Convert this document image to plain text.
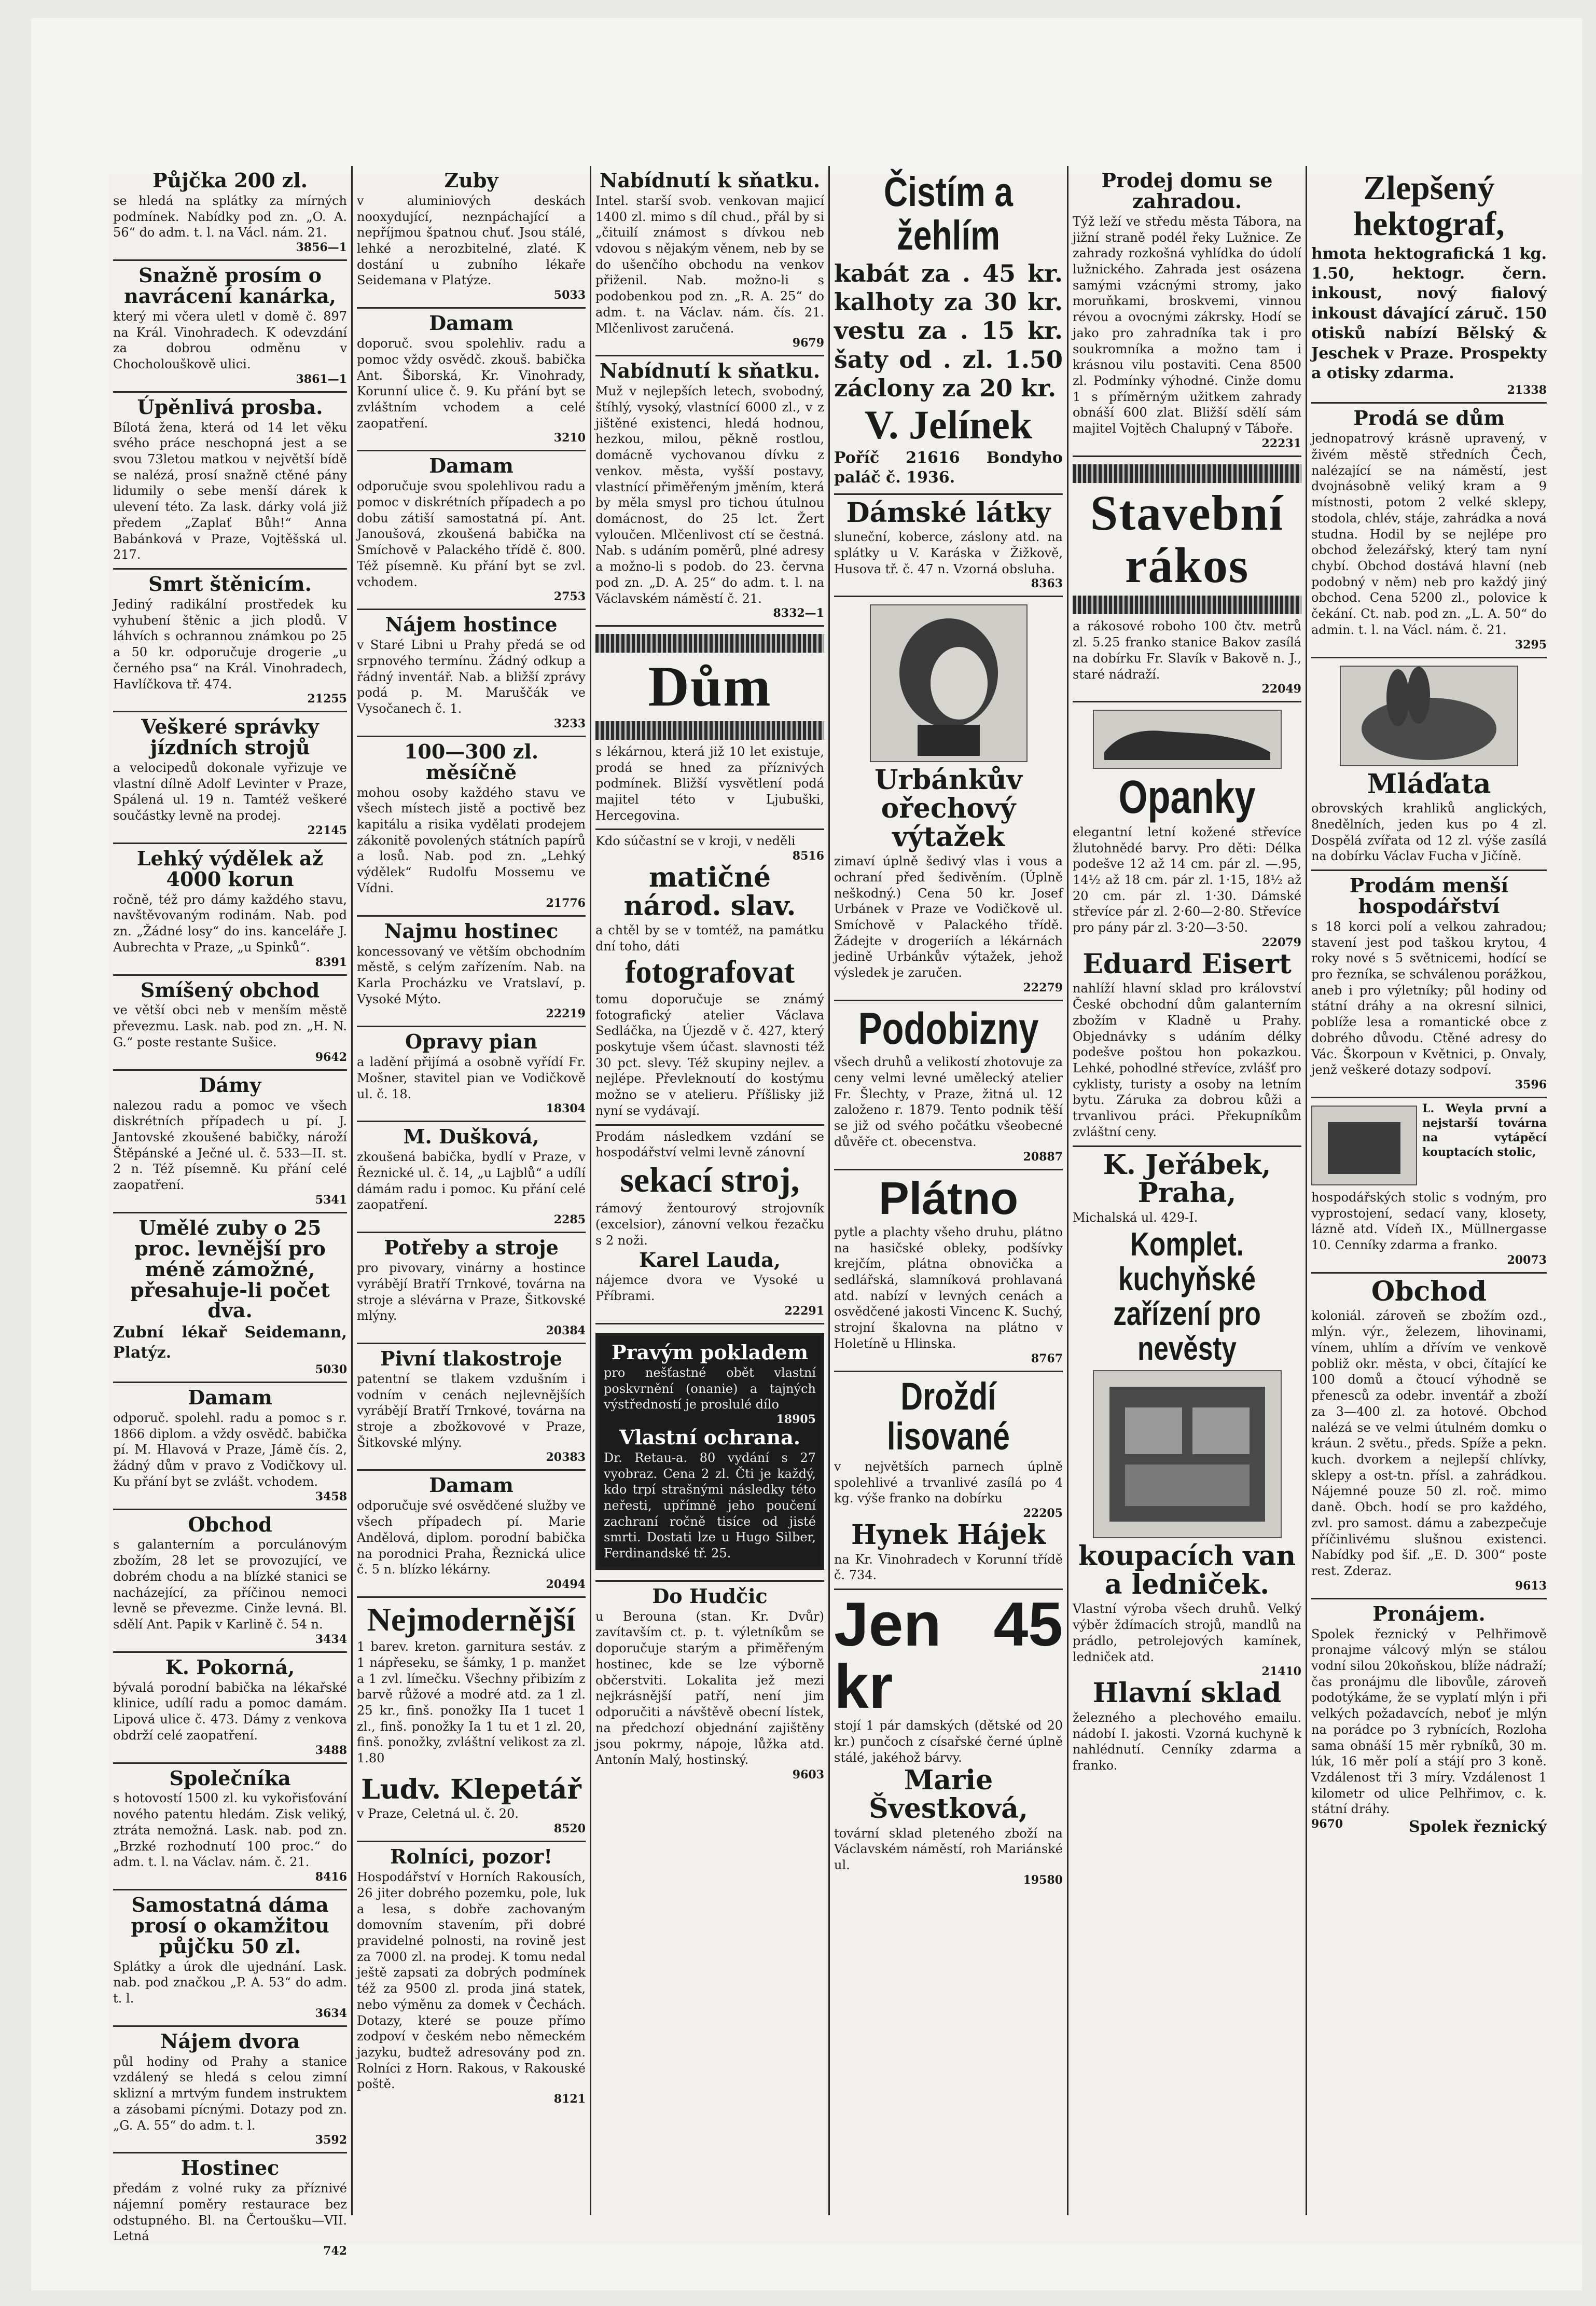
Půjčka 200 zl.
se hledá na splátky za mírných podmínek. Nabídky pod zn. „O. A. 56“ do adm. t. l. na Václ. nám. 21.
3856—1
Snažně prosím o navrácení kanárka,
který mi včera uletl v domě č. 897 na Král. Vinohradech. K odevzdání za dobrou odměnu v Chocholouškově ulici.
3861—1
Úpěnlivá prosba.
Bílotá žena, která od 14 let věku svého práce neschopná jest a se svou 73letou matkou v největší bídě se nalézá, prosí snažně ctěné pány lidumily o sebe menší dárek k ulevení této. Za lask. dárky volá již předem „Zaplať Bůh!“ Anna Babánková v Praze, Vojtěšská ul. 217.
Smrt štěnicím.
Jediný radikální prostředek ku vyhubení štěnic a jich plodů. V láhvích s ochrannou známkou po 25 a 50 kr. odporučuje drogerie „u černého psa“ na Král. Vinohradech, Havlíčkova tř. 474.
21255
Veškeré správky jízdních strojů
a velocipedů dokonale vyřizuje ve vlastní dílně Adolf Levinter v Praze, Spálená ul. 19 n. Tamtéž veškeré součástky levně na prodej.
22145
Lehký výdělek až 4000 korun
ročně, též pro dámy každého stavu, navštěvovaným rodinám. Nab. pod zn. „Žádné losy“ do ins. kanceláře J. Aubrechta v Praze, „u Spinků“.
8391
Smíšený obchod
ve větší obci neb v menším městě převezmu. Lask. nab. pod zn. „H. N. G.“ poste restante Sušice.
9642
Dámy
nalezou radu a pomoc ve všech diskrétních případech u pí. J. Jantovské zkoušené babičky, nároží Štěpánské a Ječné ul. č. 533—II. st. 2 n. Též písemně. Ku přání celé zaopatření.
5341
Umělé zuby o 25 proc. levnější pro méně zámožné, přesahuje-li počet dva.
Zubní lékař Seidemann, Platýz.
5030
Damam
odporuč. spolehl. radu a pomoc s r. 1866 diplom. a vždy osvědč. babička pí. M. Hlavová v Praze, Jámě čís. 2, žádný dům v pravo z Vodičkovy ul. Ku přání byt se zvlášt. vchodem.
3458
Obchod
s galanterním a porculánovým zbožím, 28 let se provozující, ve dobrém chodu a na blízké stanici se nacházející, za příčinou nemoci levně se převezme. Cinže levná. Bl. sdělí Ant. Papik v Karlině č. 54 n.
3434
K. Pokorná,
bývalá porodní babička na lékařské klinice, udílí radu a pomoc damám. Lipová ulice č. 473. Dámy z venkova obdrží celé zaopatření.
3488
Společníka
s hotovostí 1500 zl. ku vykořisťování nového patentu hledám. Zisk veliký, ztráta nemožná. Lask. nab. pod zn. „Brzké rozhodnutí 100 proc.“ do adm. t. l. na Václav. nám. č. 21.
8416
Samostatná dáma prosí o okamžitou půjčku 50 zl.
Splátky a úrok dle ujednání. Lask. nab. pod značkou „P. A. 53“ do adm. t. l.
3634
Nájem dvora
půl hodiny od Prahy a stanice vzdálený se hledá s celou zimní sklizní a mrtvým fundem instruktem a zásobami pícnými. Dotazy pod zn. „G. A. 55“ do adm. t. l.
3592
Hostinec
předám z volné ruky za příznivé nájemní poměry restaurace bez odstupného. Bl. na Čertoušku—VII. Letná
742
Zuby
v aluminiových deskách nooxydující, neznpáchající a nepříjmou špatnou chuť. Jsou stálé, lehké a nerozbitelné, zlaté. K dostání u zubního lékaře Seidemana v Platýze.
5033
Damam
doporuč. svou spolehliv. radu a pomoc vždy osvědč. zkouš. babička Ant. Šiborská, Kr. Vinohrady, Korunní ulice č. 9. Ku přání byt se zvláštním vchodem a celé zaopatření.
3210
Damam
odporučuje svou spolehlivou radu a pomoc v diskrétních případech a po dobu zátiší samostatná pí. Ant. Janoušová, zkoušená babička na Smíchově v Palackého třídě č. 800. Též písemně. Ku přání byt se zvl. vchodem.
2753
Nájem hostince
v Staré Libni u Prahy předá se od srpnového termínu. Žádný odkup a řádný inventář. Nab. a bližší zprávy podá p. M. Maruščák ve Vysočanech č. 1.
3233
100—300 zl. měsíčně
mohou osoby každého stavu ve všech místech jistě a poctivě bez kapitálu a risika vydělati prodejem zákonitě povolených státních papírů a losů. Nab. pod zn. „Lehký výdělek“ Rudolfu Mossemu ve Vídni.
21776
Najmu hostinec
koncessovaný ve větším obchodním městě, s celým zařízením. Nab. na Karla Procházku ve Vratslaví, p. Vysoké Mýto.
22219
Opravy pian
a ladění přijímá a osobně vyřídí Fr. Mošner, stavitel pian ve Vodičkově ul. č. 18.
18304
M. Dušková,
zkoušená babička, bydlí v Praze, v Řeznické ul. č. 14, „u Lajblů“ a udílí dámám radu i pomoc. Ku přání celé zaopatření.
2285
Potřeby a stroje
pro pivovary, vinárny a hostince vyrábějí Bratří Trnkové, továrna na stroje a slévárna v Praze, Šitkovské mlýny.
20384
Pivní tlakostroje
patentní se tlakem vzdušním i vodním v cenách nejlevnějších vyrábějí Bratří Trnkové, továrna na stroje a zbožkovové v Praze, Šitkovské mlýny.
20383
Damam
odporučuje své osvědčené služby ve všech případech pí. Marie Andělová, diplom. porodní babička na porodnici Praha, Řeznická ulice č. 5 n. blízko lékárny.
20494
Nejmodernější
1 barev. kreton. garnitura sestáv. z 1 nápřeseku, se šámky, 1 p. manžet a 1 zvl. límečku. Všechny přibizím z barvě růžové a modré atd. za 1 zl. 25 kr., finš. ponožky IIa 1 tucet 1 zl., finš. ponožky Ia 1 tu et 1 zl. 20, finš. ponožky, zvláštní velikost za zl. 1.80
Ludv. Klepetář
v Praze, Celetná ul. č. 20.
8520
Rolníci, pozor!
Hospodářství v Horních Rakousích, 26 jiter dobrého pozemku, pole, luk a lesa, s dobře zachovaným domovním stavením, při dobré pravidelné polnosti, na rovině jest za 7000 zl. na prodej. K tomu nedal ještě zapsati za dobrých podmínek též za 9500 zl. proda jiná statek, nebo výměnu za domek v Čechách. Dotazy, které se pouze přímo zodpoví v českém nebo německém jazyku, budtež adresovány pod zn. Rolníci z Horn. Rakous, v Rakouské poště.
8121
Nabídnutí k sňatku.
Intel. starší svob. venkovan majicí 1400 zl. mimo s díl chud., přál by si „čituilí známost s dívkou neb vdovou s nějakým věnem, neb by se do ušenčího obchodu na venkov přiženil. Nab. možno-li s podobenkou pod zn. „R. A. 25“ do adm. t. na Václav. nám. čís. 21. Mlčenlivost zaručená.
9679
Nabídnutí k sňatku.
Muž v nejlepších letech, svobodný, štíhlý, vysoký, vlastnící 6000 zl., v z jištěné existenci, hledá hodnou, hezkou, milou, pěkně rostlou, domácně vychovanou dívku z venkov. města, vyšší postavy, vlastnící přiměřeným jměním, která by měla smysl pro tichou útulnou domácnost, do 25 lct. Žert vyloučen. Mlčenlivost ctí se čestná. Nab. s udáním poměrů, plné adresy a možno-li s podob. do 23. června pod zn. „D. A. 25“ do adm. t. l. na Václavském náměstí č. 21.
8332—1
Dům
s lékárnou, která již 10 let existuje, prodá se hned za příznivých podmínek. Bližší vysvětlení podá majitel této v Ljubuški, Hercegovina.
Kdo súčastní se v kroji, v neděli
8516
matičné národ. slav.
a chtěl by se v tomtéž, na památku dní toho, dáti
fotografovat
tomu doporučuje se známý fotografický atelier Václava Sedláčka, na Újezdě v č. 427, který poskytuje všem účast. slavnosti též 30 pct. slevy. Též skupiny nejlev. a nejlépe. Převleknoutí do kostýmu možno se v atelieru. Příšlisky již nyní se vydávají.
Prodám následkem vzdání se hospodářství velmi levně zánovní
sekací stroj,
rámový žentourový strojovník (excelsior), zánovní velkou řezačku s 2 noži.
Karel Lauda,
nájemce dvora ve Vysoké u Příbrami.
22291
Pravým pokladem
pro nešťastné obět vlastní poskvrnění (onanie) a tajných výstředností je proslulé dílo
18905
Vlastní ochrana.
Dr. Retau-a. 80 vydání s 27 vyobraz. Cena 2 zl. Čti je každý, kdo trpí strašnými následky této neřesti, upřímně jeho poučení zachraní ročně tisíce od jisté smrti. Dostati lze u Hugo Silber, Ferdinandské tř. 25.
Do Hudčic
u Berouna (stan. Kr. Dvůr) zavítavším ct. p. t. výletníkům se doporučuje starým a přiměřeným hostinec, kde se lze výborně občerstviti. Lokalita jež mezi nejkrásnější patří, není jim odporučiti a návštěvě obecní lístek, na předchozí objednání zajištěny jsou pokrmy, nápoje, lůžka atd. Antonín Malý, hostinský.
9603
Čistím a žehlím
kabát za . 45 kr. kalhoty za 30 kr. vestu za . 15 kr. šaty od . zl. 1.50 záclony za 20 kr.
V. Jelínek
Poříč 21616 Bondyho paláč č. 1936.
Dámské látky
sluneční, koberce, záslony atd. na splátky u V. Karáska v Žižkově, Husova tř. č. 47 n. Vzorná obsluha.
8363
Urbánkův ořechový výtažek
zimaví úplně šedivý vlas i vous a ochraní před šedivěním. (Úplně neškodný.) Cena 50 kr. Josef Urbánek v Praze ve Vodičkově ul. Smíchově v Palackého třídě. Žádejte v drogeriích a lékárnách jedině Urbánkův výtažek, jehož výsledek je zaručen.
22279
Podobizny
všech druhů a velikostí zhotovuje za ceny velmi levné umělecký atelier Fr. Šlechty, v Praze, žitná ul. 12 založeno r. 1879. Tento podnik těší se již od svého počátku všeobecné důvěře ct. obecenstva.
20887
Plátno
pytle a plachty všeho druhu, plátno na hasičské obleky, podšívky krejčím, plátna obnovička a sedlářská, slamníková prohlavaná atd. nabízí v levných cenách a osvědčené jakosti Vincenc K. Suchý, strojní škalovna na plátno v Holetíně u Hlinska.
8767
Droždí lisované
v největších parnech úplně spolehlivé a trvanlivé zasílá po 4 kg. výše franko na dobírku
22205
Hynek Hájek
na Kr. Vinohradech v Korunní třídě č. 734.
Jen 45 kr
stojí 1 pár damských (dětské od 20 kr.) punčoch z císařské černé úplně stálé, jakéhož bárvy.
Marie Švestková,
tovární sklad pleteného zboží na Václavském náměstí, roh Mariánské ul.
19580
Prodej domu se zahradou.
Týž leží ve středu města Tábora, na jižní straně podél řeky Lužnice. Ze zahrady rozkošná vyhlídka do údolí lužnického. Zahrada jest osázena samými vzácnými stromy, jako moruňkami, broskvemi, vinnou révou a ovocnými zákrsky. Hodí se jako pro zahradníka tak i pro soukromníka a možno tam i krásnou vilu postaviti. Cena 8500 zl. Podmínky výhodné. Cinže domu 1 s příměrným užitkem zahrady obnáší 600 zlat. Bližší sdělí sám majitel Vojtěch Chalupný v Táboře.
22231
Stavební rákos
a rákosové roboho 100 čtv. metrů zl. 5.25 franko stanice Bakov zasílá na dobírku Fr. Slavík v Bakově n. J., staré nádraží.
22049
Opanky
elegantní letní kožené střevíce žlutohnědé barvy. Pro děti: Délka podešve 12 až 14 cm. pár zl. —.95, 14½ až 18 cm. pár zl. 1·15, 18½ až 20 cm. pár zl. 1·30. Dámské střevíce pár zl. 2·60—2·80. Střevíce pro pány pár zl. 3·20—3·50.
22079
Eduard Eisert
nahlíží hlavní sklad pro království České obchodní dům galanterním zbožím v Kladně u Prahy. Objednávky s udáním délky podešve poštou hon pokazkou. Lehké, pohodlné střevíce, zvlášť pro cyklisty, turisty a osoby na letním bytu. Záruka za dobrou kůži a trvanlivou práci. Překupníkům zvláštní ceny.
K. Jeřábek, Praha,
Michalská ul. 429-I.
Komplet. kuchyňské zařízení pro nevěsty
koupacích van a ledniček.
Vlastní výroba všech druhů. Velký výběr ždímacích strojů, mandlů na prádlo, petrolejových kamínek, ledniček atd.
21410
Hlavní sklad
železného a plechového emailu. nádobí I. jakosti. Vzorná kuchyně k nahlédnutí. Cenníky zdarma a franko.
Zlepšený hektograf,
hmota hektografická 1 kg. 1.50, hektogr. čern. inkoust, nový fialový inkoust dávající záruč. 150 otisků nabízí Bělský & Jeschek v Praze. Prospekty a otisky zdarma.
21338
Prodá se dům
jednopatrový krásně upravený, v živém městě středních Čech, nalézající se na náměstí, jest dvojnásobně veliký kram a 9 místnosti, potom 2 velké sklepy, stodola, chlév, stáje, zahrádka a nová studna. Hodil by se nejlépe pro obchod železářský, který tam nyní chybí. Obchod dostává hlavní (neb podobný v něm) neb pro každý jiný obchod. Cena 5200 zl., polovice k čekání. Ct. nab. pod zn. „L. A. 50“ do admin. t. l. na Václ. nám. č. 21.
3295
Mláďata
obrovských krahliků anglických, 8nedělních, jeden kus po 4 zl. Dospělá zvířata od 12 zl. výše zasílá na dobírku Václav Fucha v Jičíně.
Prodám menší hospodářství
s 18 korci polí a velkou zahradou; stavení jest pod taškou krytou, 4 roky nové s 5 světnicemi, hodící se pro řezníka, se schválenou porážkou, aneb i pro výletníky; půl hodiny od státní dráhy a na okresní silnici, poblíže lesa a romantické obce z dobrého důvodu. Ctěné adresy do Vác. Škorpoun v Květnici, p. Onvaly, jenž veškeré dotazy sodpoví.
3596
L. Weyla první a nejstarší továrna na vytápěcí kouptacích stolic,
hospodářských stolic s vodným, pro vyprostojení, sedací vany, klosety, lázně atd. Vídeň IX., Müllnergasse 10. Cenníky zdarma a franko.
20073
Obchod
koloniál. zároveň se zbožím ozd., mlýn. výr., železem, lihovinami, vínem, uhlím a dřívím ve venkově pobliž okr. města, v obci, čítající ke 100 domů a čtoucí výhodně se přenesců za odebr. inventář a zboží za 3—400 zl. za hotové. Obchod nalézá se ve velmi útulném domku o kráun. 2 světu., předs. Spíže a pekn. kuch. dvorkem a nejlepší chlívky, sklepy a ost-tn. přísl. a zahrádkou. Nájemné pouze 50 zl. roč. mimo daně. Obch. hodí se pro každého, zvl. pro samost. dámu a zabezpečuje příčinlivému slušnou existenci. Nabídky pod šif. „E. D. 300“ poste rest. Zderaz.
9613
Pronájem.
Spolek řeznický v Pelhřimově pronajme válcový mlýn se stálou vodní silou 20koňskou, blíže nádraží; čas pronájmu dle libovůle, zároveň podotýkáme, že se vyplatí mlýn i při velkých požadavcích, neboť je mlýn na porádce po 3 rybnících, Rozloha sama obnáší 15 měr rybníků, 30 m. lúk, 16 měr polí a stájí pro 3 koně. Vzdálenost tři 3 míry. Vzdálenost 1 kilometr od ulice Pelhřimov, c. k. státní dráhy.
9670	Spolek řeznický
